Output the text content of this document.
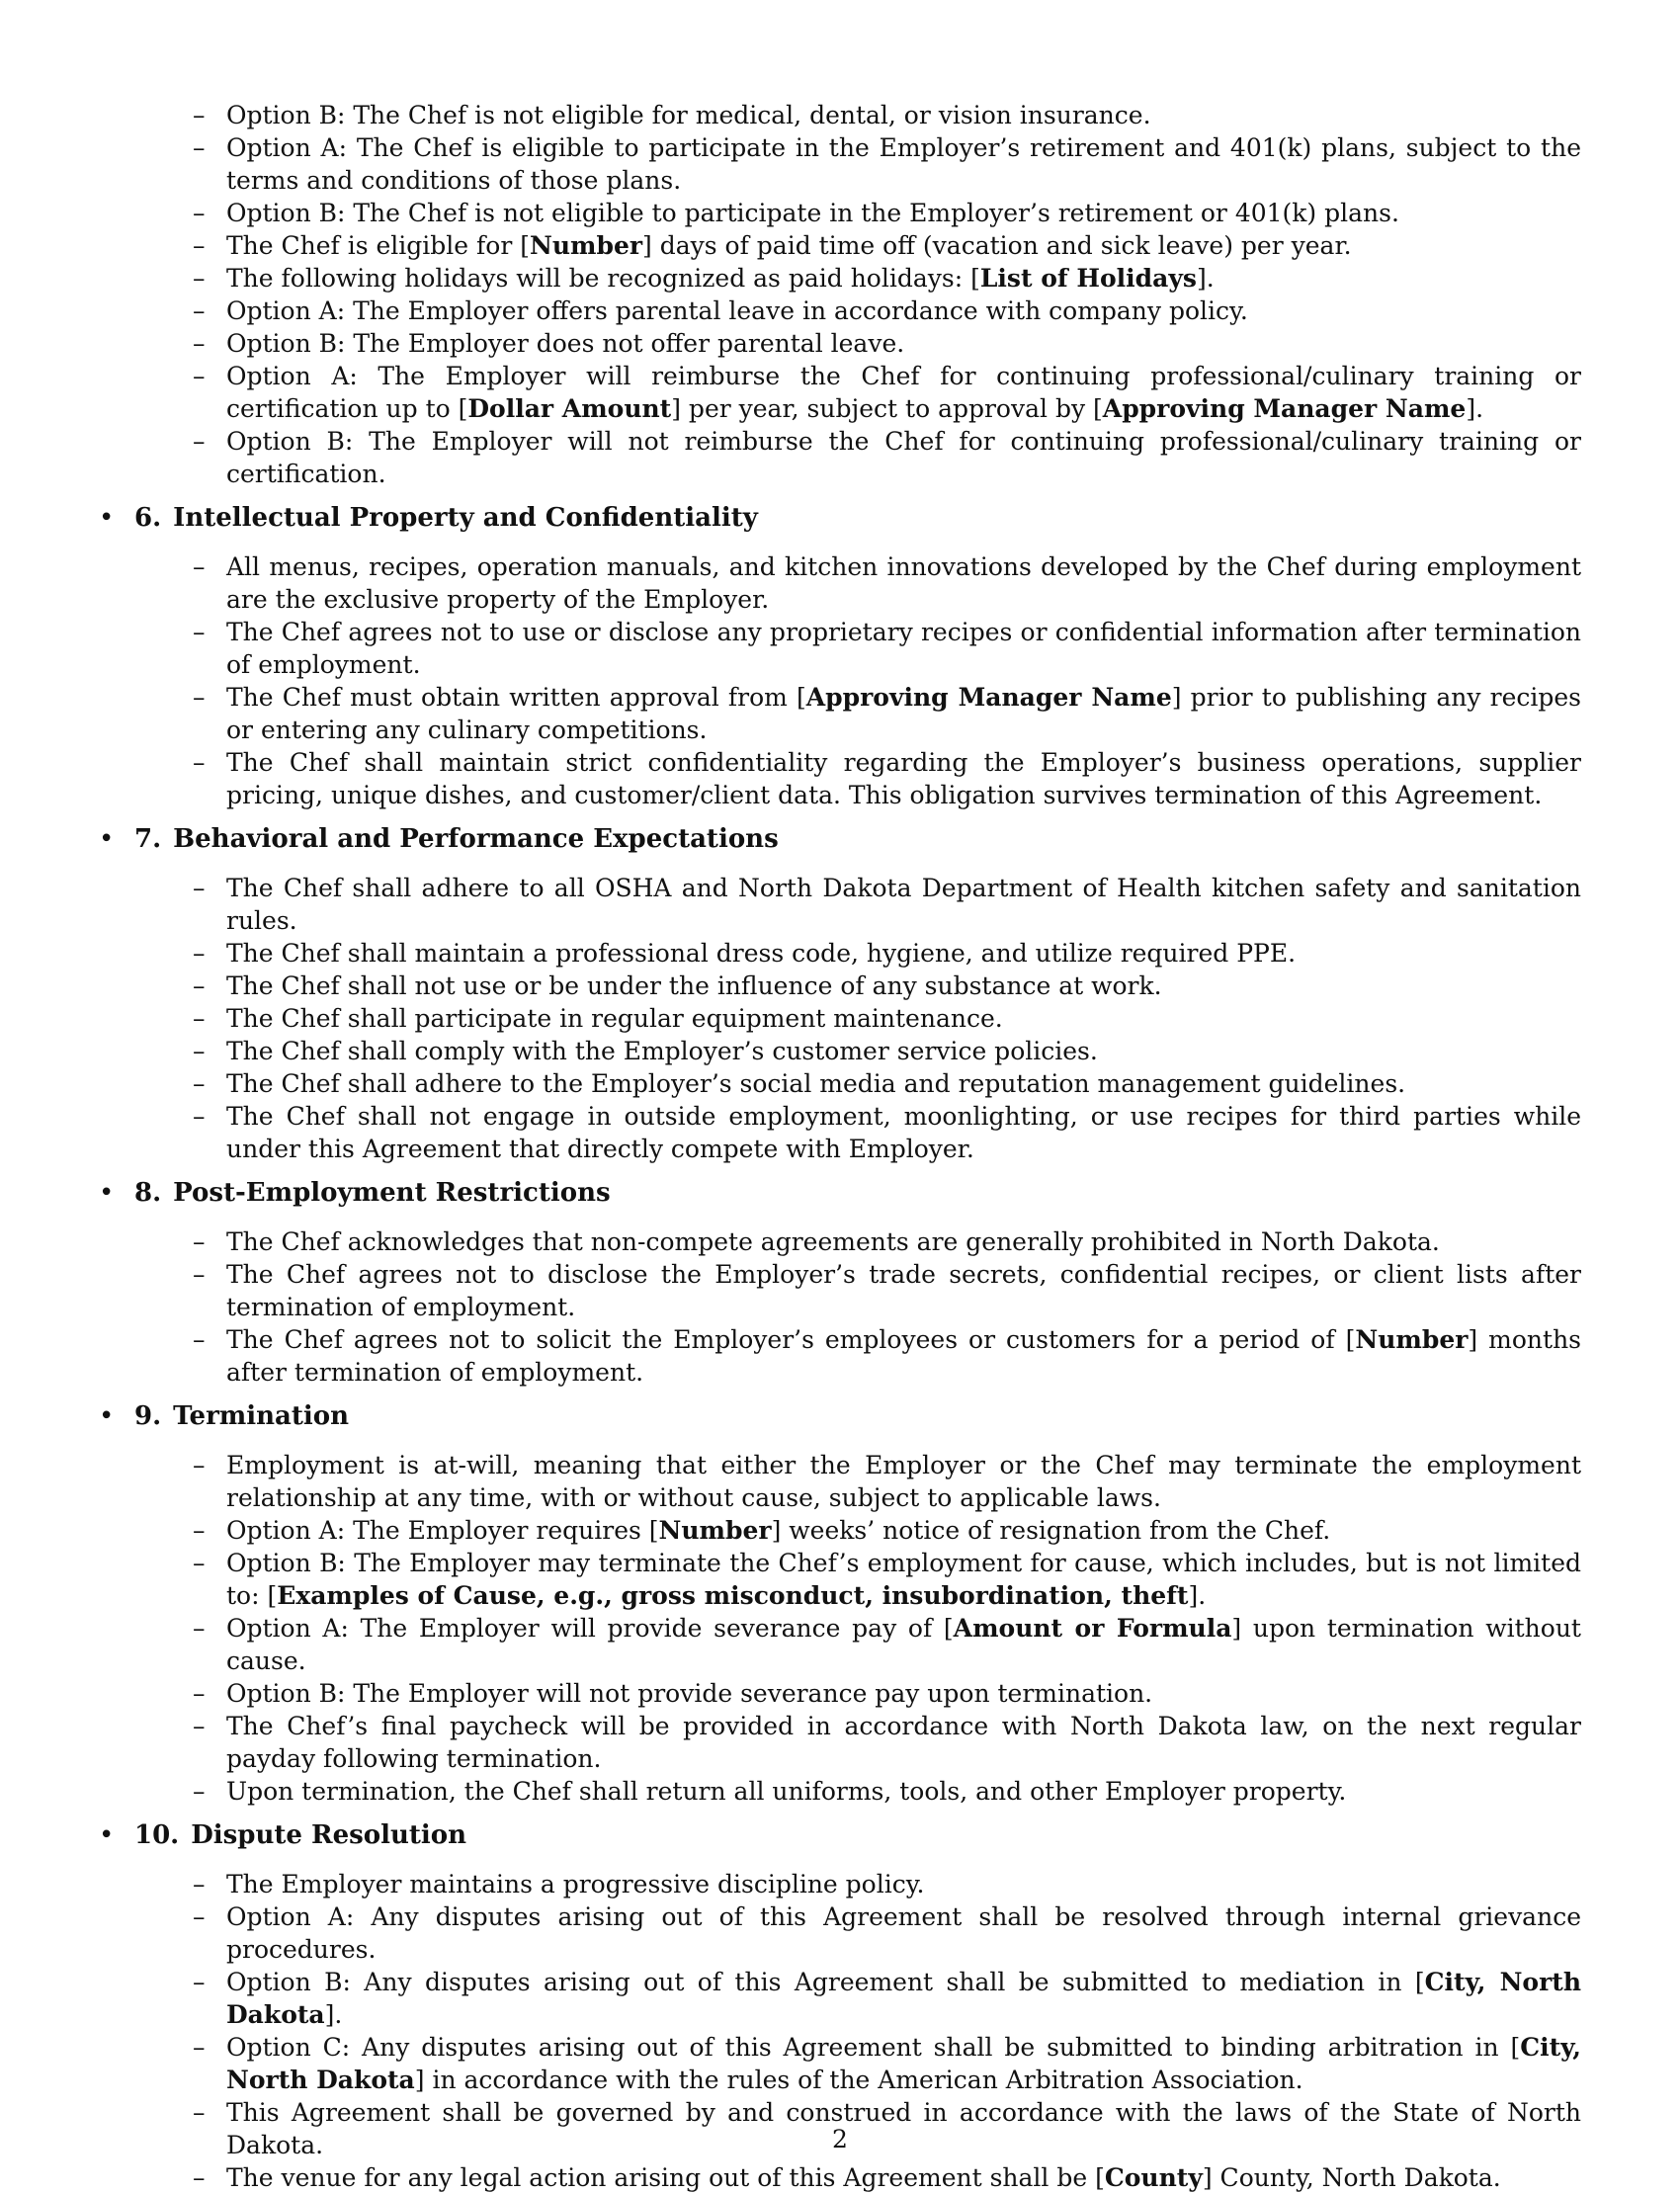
– Option B: The Chef is not eligible for medical, dental, or vision insurance.
– Option A: The Chef is eligible to participate in the Employer’s retirement and 401(k) plans, subject to the terms and conditions of those plans.
– Option B: The Chef is not eligible to participate in the Employer’s retirement or 401(k) plans.
– The Chef is eligible for [Number] days of paid time off (vacation and sick leave) per year.
– The following holidays will be recognized as paid holidays: [List of Holidays].
– Option A: The Employer offers parental leave in accordance with company policy.
– Option B: The Employer does not offer parental leave.
– Option A: The Employer will reimburse the Chef for continuing professional/culinary training or certification up to [Dollar Amount] per year, subject to approval by [Approving Manager Name].
– Option B: The Employer will not reimburse the Chef for continuing professional/culinary training or certification.
• 6. Intellectual Property and Confidentiality
– All menus, recipes, operation manuals, and kitchen innovations developed by the Chef during employment are the exclusive property of the Employer.
– The Chef agrees not to use or disclose any proprietary recipes or confidential information after termination of employment.
– The Chef must obtain written approval from [Approving Manager Name] prior to publishing any recipes or entering any culinary competitions.
– The Chef shall maintain strict confidentiality regarding the Employer’s business operations, supplier pricing, unique dishes, and customer/client data. This obligation survives termination of this Agreement.
• 7. Behavioral and Performance Expectations
– The Chef shall adhere to all OSHA and North Dakota Department of Health kitchen safety and sanitation rules.
– The Chef shall maintain a professional dress code, hygiene, and utilize required PPE.
– The Chef shall not use or be under the influence of any substance at work.
– The Chef shall participate in regular equipment maintenance.
– The Chef shall comply with the Employer’s customer service policies.
– The Chef shall adhere to the Employer’s social media and reputation management guidelines.
– The Chef shall not engage in outside employment, moonlighting, or use recipes for third parties while under this Agreement that directly compete with Employer.
• 8. Post-Employment Restrictions
– The Chef acknowledges that non-compete agreements are generally prohibited in North Dakota.
– The Chef agrees not to disclose the Employer’s trade secrets, confidential recipes, or client lists after termination of employment.
– The Chef agrees not to solicit the Employer’s employees or customers for a period of [Number] months after termination of employment.
• 9. Termination
– Employment is at-will, meaning that either the Employer or the Chef may terminate the employment relationship at any time, with or without cause, subject to applicable laws.
– Option A: The Employer requires [Number] weeks’ notice of resignation from the Chef.
– Option B: The Employer may terminate the Chef’s employment for cause, which includes, but is not limited to: [Examples of Cause, e.g., gross misconduct, insubordination, theft].
– Option A: The Employer will provide severance pay of [Amount or Formula] upon termination without cause.
– Option B: The Employer will not provide severance pay upon termination.
– The Chef’s final paycheck will be provided in accordance with North Dakota law, on the next regular payday following termination.
– Upon termination, the Chef shall return all uniforms, tools, and other Employer property.
• 10. Dispute Resolution
– The Employer maintains a progressive discipline policy.
– Option A: Any disputes arising out of this Agreement shall be resolved through internal grievance procedures.
– Option B: Any disputes arising out of this Agreement shall be submitted to mediation in [City, North Dakota].
– Option C: Any disputes arising out of this Agreement shall be submitted to binding arbitration in [City, North Dakota] in accordance with the rules of the American Arbitration Association.
– This Agreement shall be governed by and construed in accordance with the laws of the State of North Dakota.
– The venue for any legal action arising out of this Agreement shall be [County] County, North Dakota.
2
